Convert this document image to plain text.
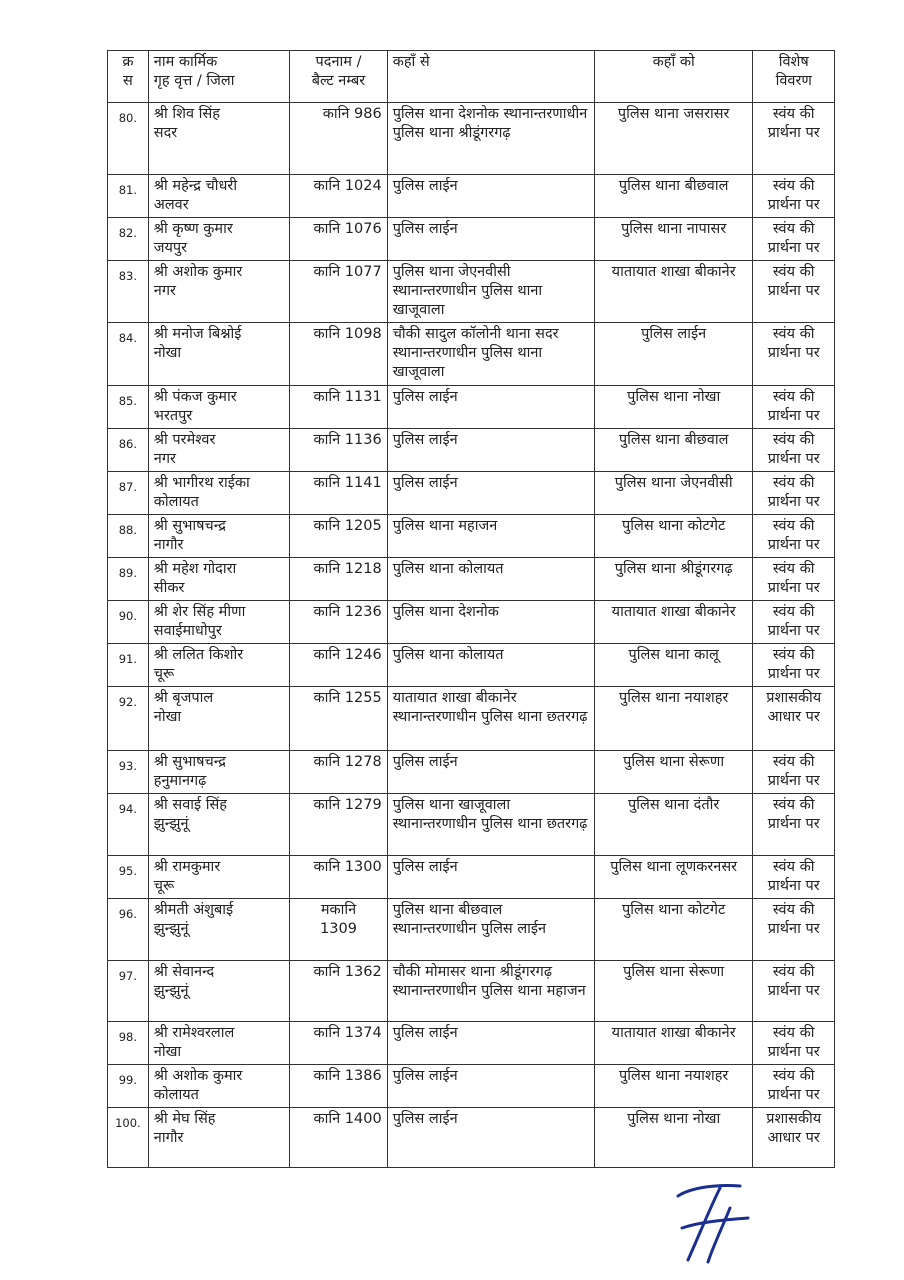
क्र
स	नाम कार्मिक
गृह वृत्त / जिला	पदनाम /
बैल्ट नम्बर	कहाँ से	कहाँ को	विशेष
विवरण

80.	श्री शिव सिंह
सदर	कानि 986	पुलिस थाना देशनोक स्थानान्तरणाधीन पुलिस थाना श्रीडूंगरगढ़	पुलिस थाना जसरासर	स्वंय की प्रार्थना पर
81.	श्री महेन्द्र चौधरी
अलवर	कानि 1024	पुलिस लाईन	पुलिस थाना बीछवाल	स्वंय की प्रार्थना पर
82.	श्री कृष्ण कुमार
जयपुर	कानि 1076	पुलिस लाईन	पुलिस थाना नापासर	स्वंय की प्रार्थना पर
83.	श्री अशोक कुमार
नगर	कानि 1077	पुलिस थाना जेएनवीसी स्थानान्तरणाधीन पुलिस थाना खाजूवाला	यातायात शाखा बीकानेर	स्वंय की प्रार्थना पर
84.	श्री मनोज बिश्नोई
नोखा	कानि 1098	चौकी सादुल कॉलोनी थाना सदर स्थानान्तरणाधीन पुलिस थाना खाजूवाला	पुलिस लाईन	स्वंय की प्रार्थना पर
85.	श्री पंकज कुमार
भरतपुर	कानि 1131	पुलिस लाईन	पुलिस थाना नोखा	स्वंय की प्रार्थना पर
86.	श्री परमेश्वर
नगर	कानि 1136	पुलिस लाईन	पुलिस थाना बीछवाल	स्वंय की प्रार्थना पर
87.	श्री भागीरथ राईका
कोलायत	कानि 1141	पुलिस लाईन	पुलिस थाना जेएनवीसी	स्वंय की प्रार्थना पर
88.	श्री सुभाषचन्द्र
नागौर	कानि 1205	पुलिस थाना महाजन	पुलिस थाना कोटगेट	स्वंय की प्रार्थना पर
89.	श्री महेश गोदारा
सीकर	कानि 1218	पुलिस थाना कोलायत	पुलिस थाना श्रीडूंगरगढ़	स्वंय की प्रार्थना पर
90.	श्री शेर सिंह मीणा
सवाईमाधोपुर	कानि 1236	पुलिस थाना देशनोक	यातायात शाखा बीकानेर	स्वंय की प्रार्थना पर
91.	श्री ललित किशोर
चूरू	कानि 1246	पुलिस थाना कोलायत	पुलिस थाना कालू	स्वंय की प्रार्थना पर
92.	श्री बृजपाल
नोखा	कानि 1255	यातायात शाखा बीकानेर स्थानान्तरणाधीन पुलिस थाना छतरगढ़	पुलिस थाना नयाशहर	प्रशासकीय आधार पर
93.	श्री सुभाषचन्द्र
हनुमानगढ़	कानि 1278	पुलिस लाईन	पुलिस थाना सेरूणा	स्वंय की प्रार्थना पर
94.	श्री सवाई सिंह
झुन्झुनूं	कानि 1279	पुलिस थाना खाजूवाला स्थानान्तरणाधीन पुलिस थाना छतरगढ़	पुलिस थाना दंतौर	स्वंय की प्रार्थना पर
95.	श्री रामकुमार
चूरू	कानि 1300	पुलिस लाईन	पुलिस थाना लूणकरनसर	स्वंय की प्रार्थना पर
96.	श्रीमती अंशुबाई
झुन्झुनूं	मकानि
1309	पुलिस थाना बीछवाल स्थानान्तरणाधीन पुलिस लाईन	पुलिस थाना कोटगेट	स्वंय की प्रार्थना पर
97.	श्री सेवानन्द
झुन्झुनूं	कानि 1362	चौकी मोमासर थाना श्रीडूंगरगढ़ स्थानान्तरणाधीन पुलिस थाना महाजन	पुलिस थाना सेरूणा	स्वंय की प्रार्थना पर
98.	श्री रामेश्वरलाल
नोखा	कानि 1374	पुलिस लाईन	यातायात शाखा बीकानेर	स्वंय की प्रार्थना पर
99.	श्री अशोक कुमार
कोलायत	कानि 1386	पुलिस लाईन	पुलिस थाना नयाशहर	स्वंय की प्रार्थना पर
100.	श्री मेघ सिंह
नागौर	कानि 1400	पुलिस लाईन	पुलिस थाना नोखा	प्रशासकीय आधार पर
